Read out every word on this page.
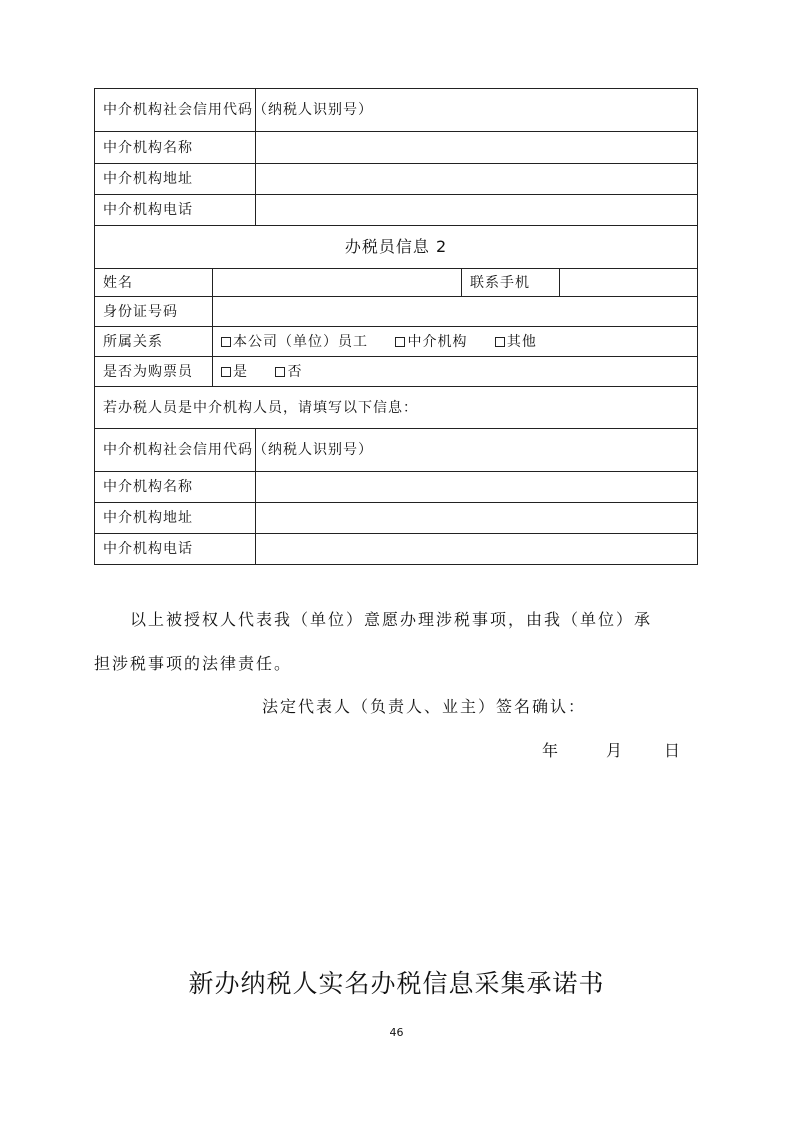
中介机构社会信用代码（纳税人识别号）				
中介机构名称				
中介机构地址				
中介机构电话				
办税员信息 2				
姓名			联系手机	
身份证号码				
所属关系	本公司（单位）员工 中介机构 其他			
是否为购票员	是 否			
若办税人员是中介机构人员，请填写以下信息：				
中介机构社会信用代码（纳税人识别号）				
中介机构名称				
中介机构地址				
中介机构电话				
以上被授权人代表我（单位）意愿办理涉税事项，由我（单位）承
担涉税事项的法律责任。
法定代表人（负责人、业主）签名确认：
年	月	日
新办纳税人实名办税信息采集承诺书
46
